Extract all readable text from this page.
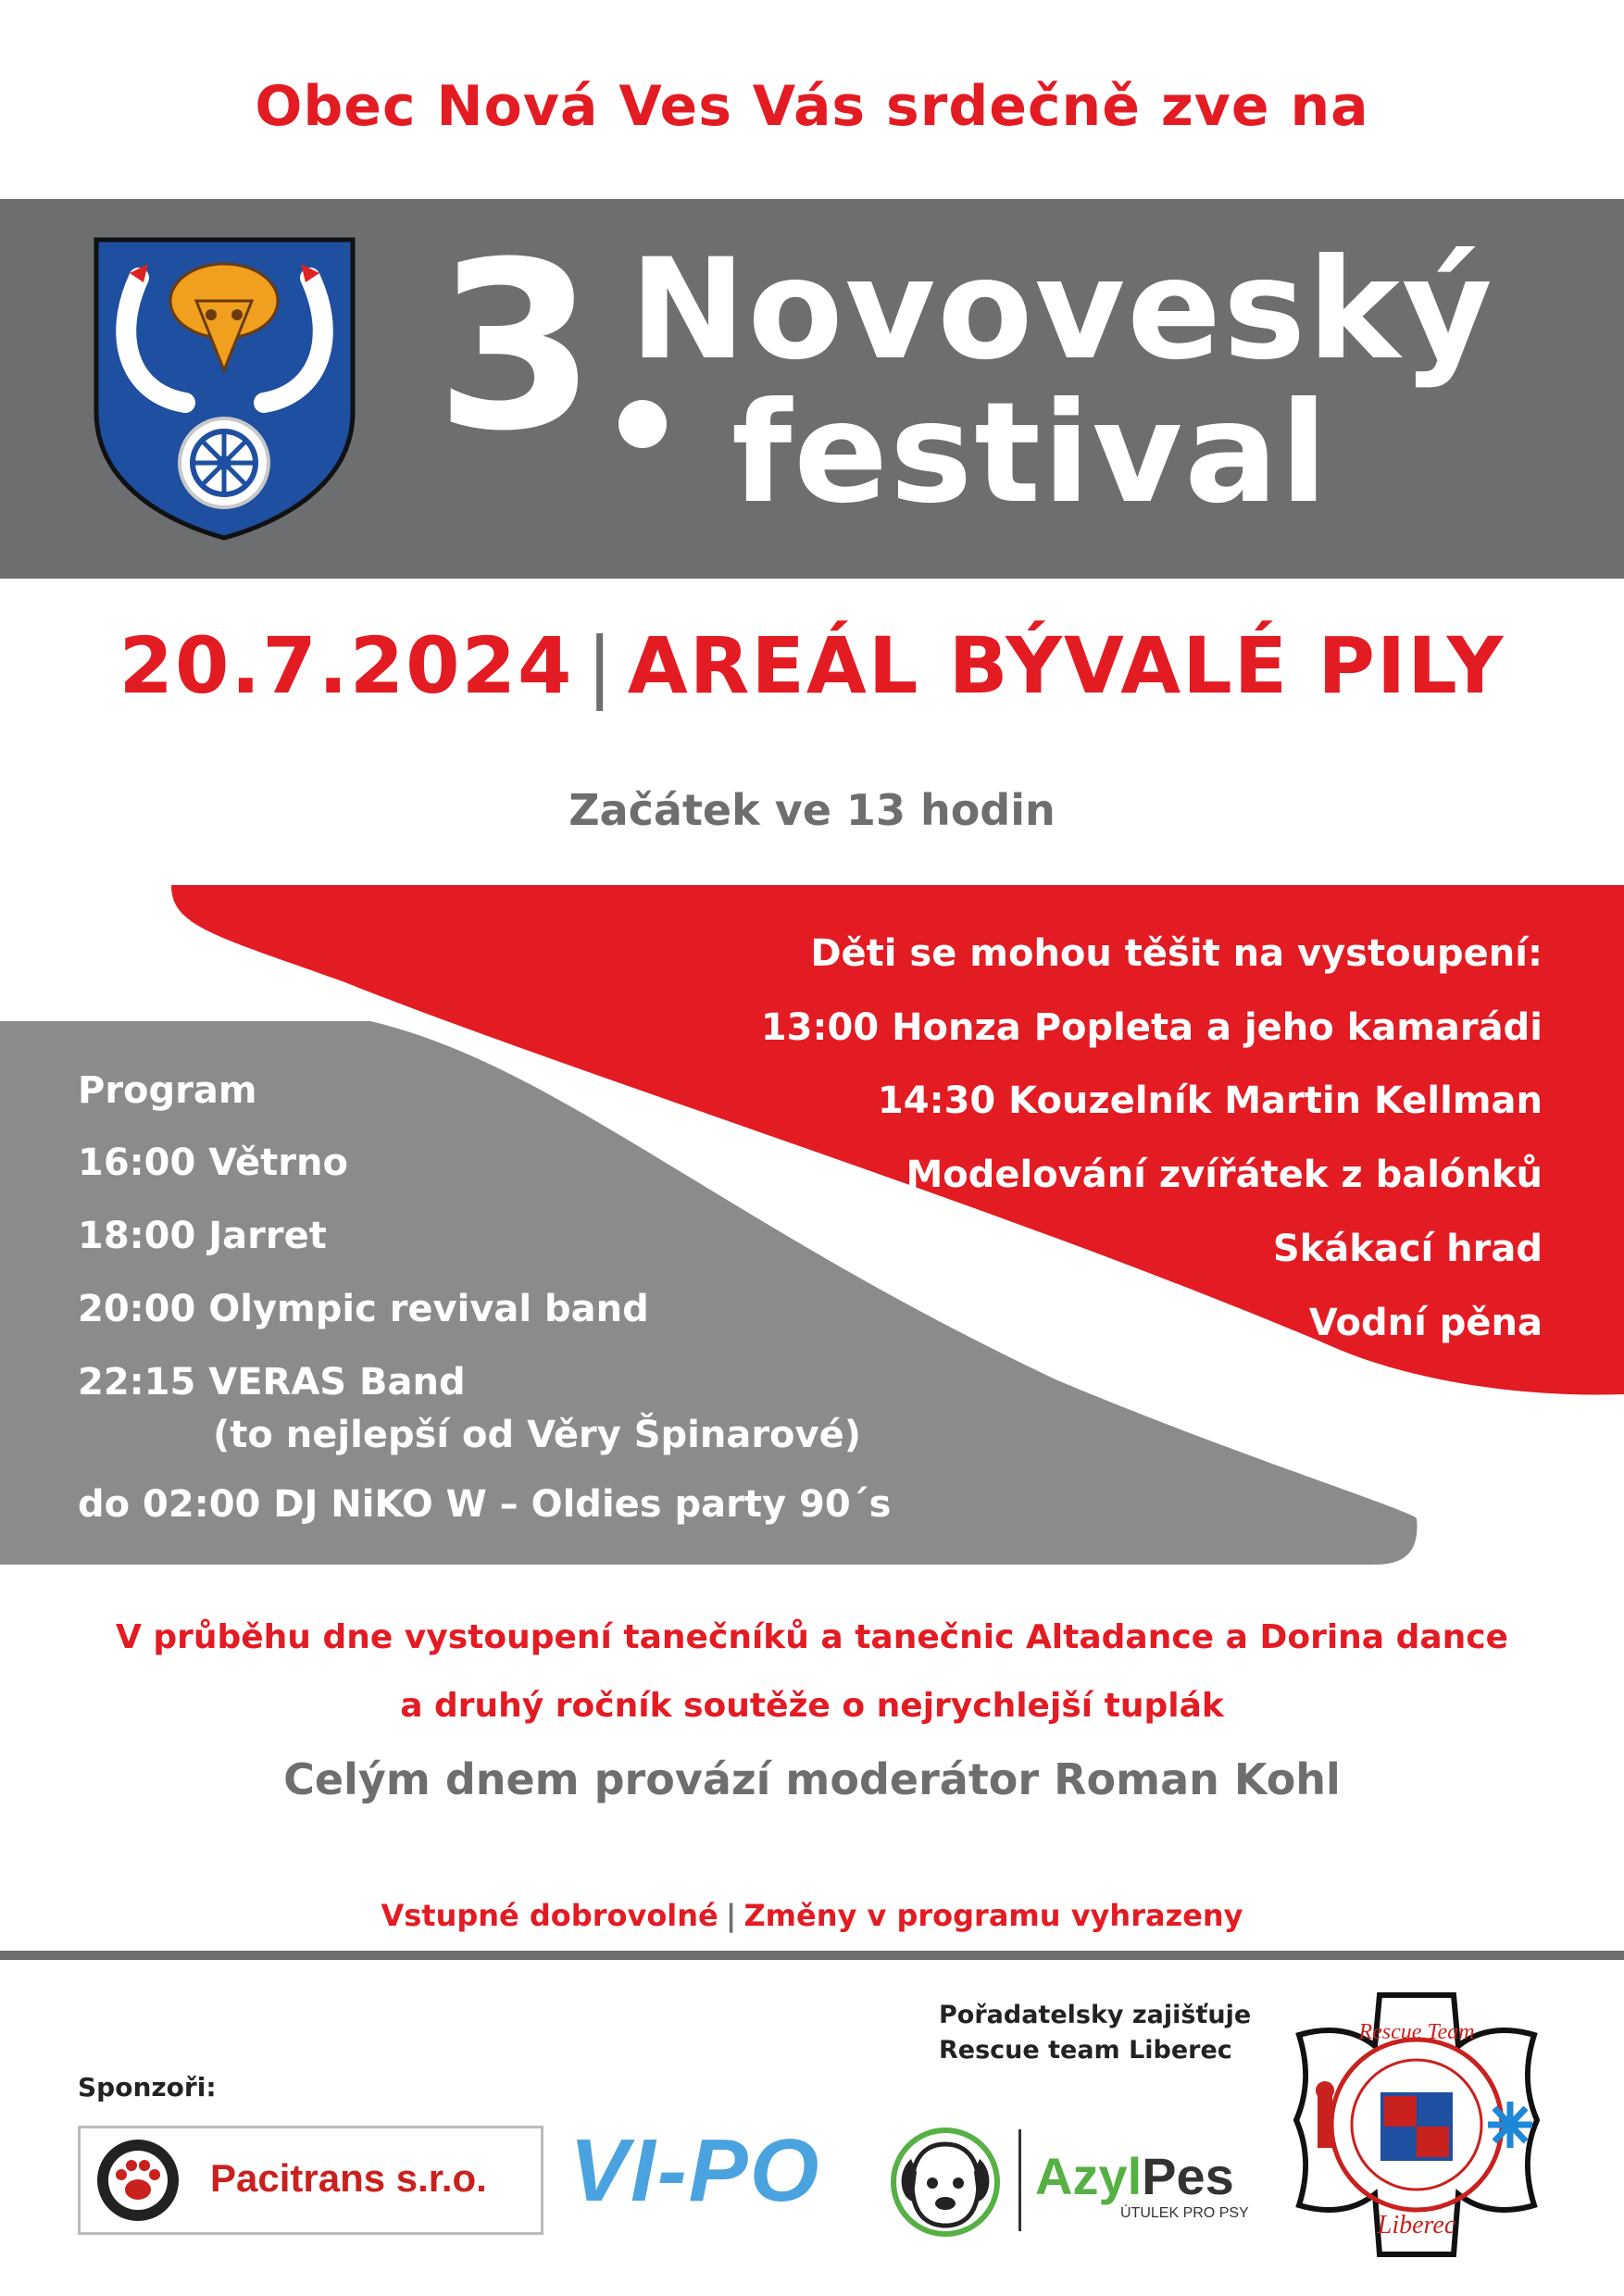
Obec Nová Ves Vás srdečně zve na
3 Novoveský
festival
20.7.2024 | AREÁL BÝVALÉ PILY
Začátek ve 13 hodin
Děti se mohou těšit na vystoupení:
13:00 Honza Popleta a jeho kamarádi
14:30 Kouzelník Martin Kellman
Modelování zvířátek z balónků
Skákací hrad
Vodní pěna
Program
16:00 Větrno
18:00 Jarret
20:00 Olympic revival band
22:15 VERAS Band
(to nejlepší od Věry Špinarové)
do 02:00 DJ NiKO W – Oldies party 90´s
V průběhu dne vystoupení tanečníků a tanečnic Altadance a Dorina dance
a druhý ročník soutěže o nejrychlejší tuplák
Celým dnem provází moderátor Roman Kohl
Vstupné dobrovolné | Změny v programu vyhrazeny
Pořadatelsky zajišťuje
Rescue team Liberec
Sponzoři:
Pacitrans s.r.o. VI-PO	AzylPes
ÚTULEK PRO PSY
Rescue Team
Liberec
